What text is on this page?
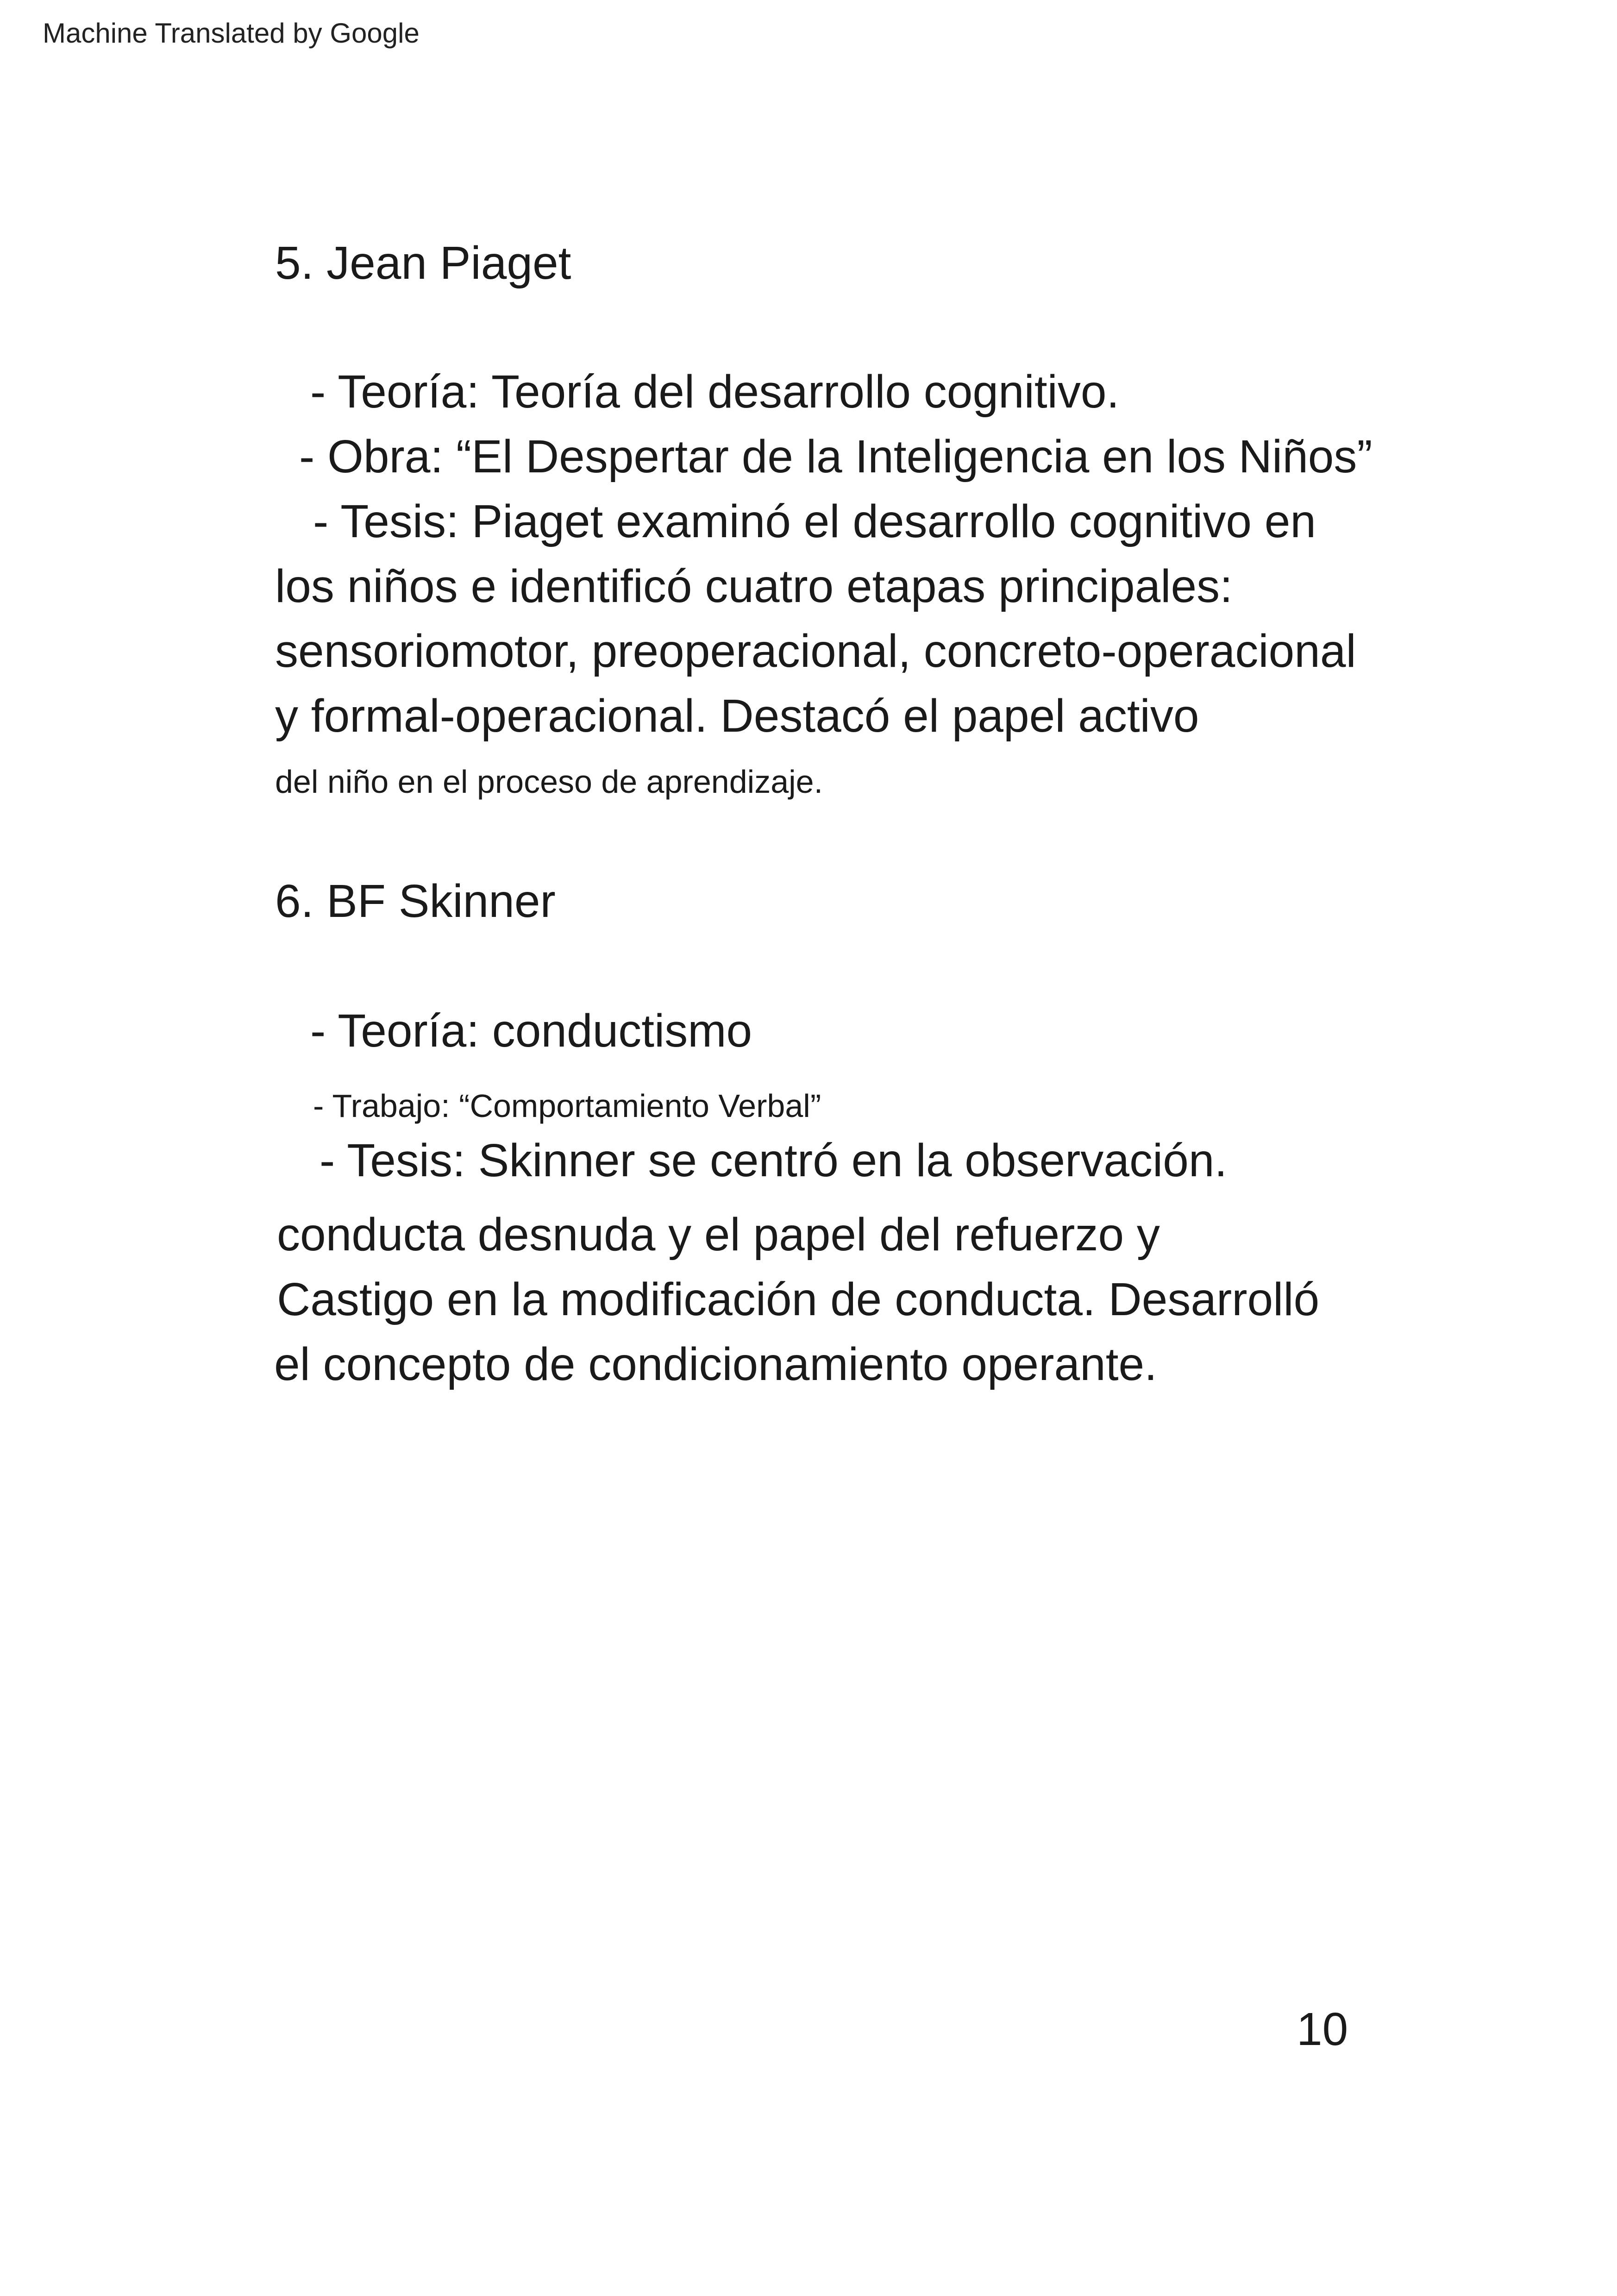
Machine Translated by Google
5. Jean Piaget
- Teoría: Teoría del desarrollo cognitivo.
- Obra: “El Despertar de la Inteligencia en los Niños”
- Tesis: Piaget examinó el desarrollo cognitivo en
los niños e identificó cuatro etapas principales:
sensoriomotor, preoperacional, concreto-operacional
y formal-operacional. Destacó el papel activo
del niño en el proceso de aprendizaje.
6. BF Skinner
- Teoría: conductismo
- Trabajo: “Comportamiento Verbal”
- Tesis: Skinner se centró en la observación.
conducta desnuda y el papel del refuerzo y
Castigo en la modificación de conducta. Desarrolló
el concepto de condicionamiento operante.
10
